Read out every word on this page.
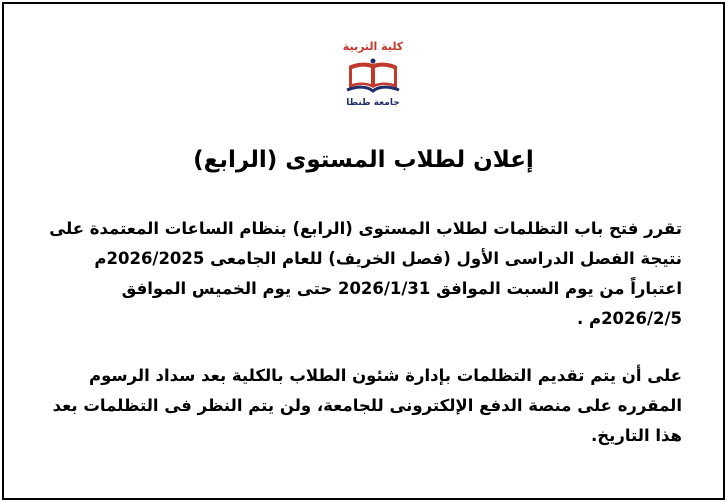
كلية التربية
جامعة طنطا
إعلان لطلاب المستوى (الرابع)
تقرر فتح باب التظلمات لطلاب المستوى (الرابع) بنظام الساعات المعتمدة على
نتيجة الفصل الدراسى الأول (فصل الخريف) للعام الجامعى 2026/2025م
اعتباراً من يوم السبت الموافق 2026/1/31 حتى يوم الخميس الموافق
2026/2/5م .
على أن يتم تقديم التظلمات بإدارة شئون الطلاب بالكلية بعد سداد الرسوم
المقرره على منصة الدفع الإلكترونى للجامعة، ولن يتم النظر فى التظلمات بعد
هذا التاريخ.
